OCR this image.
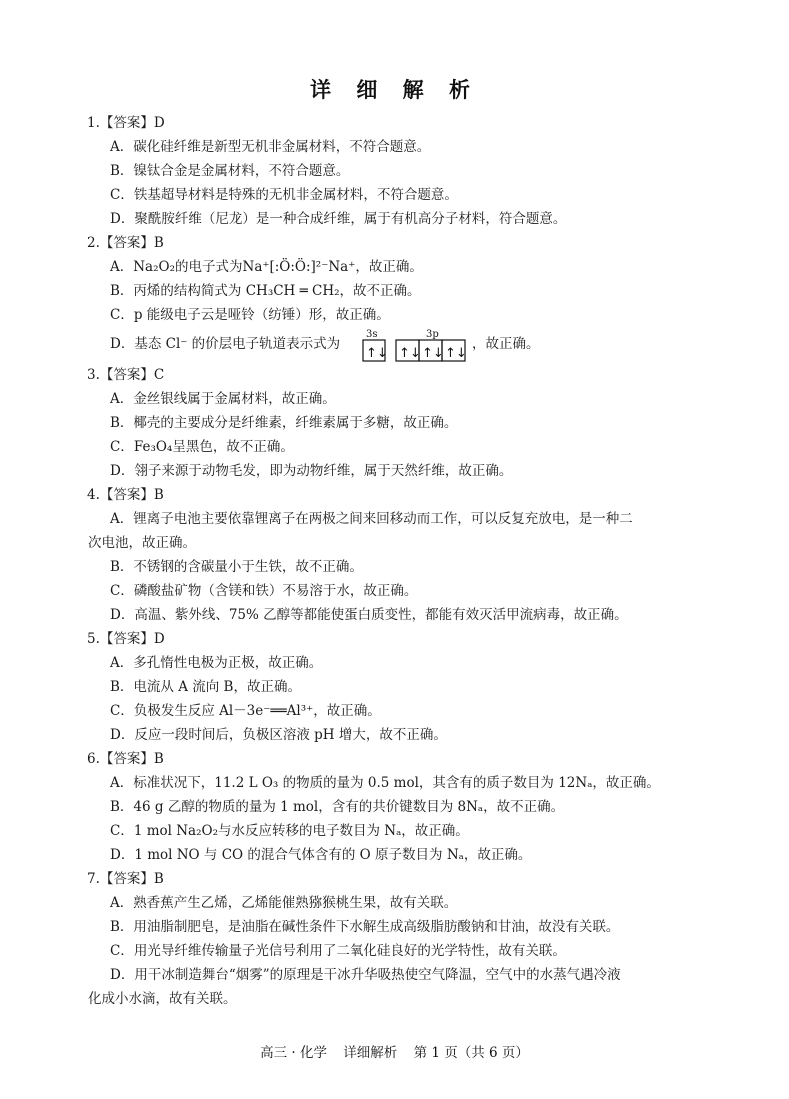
详 细 解 析
1.【答案】D
A．碳化硅纤维是新型无机非金属材料，不符合题意。
B．镍钛合金是金属材料，不符合题意。
C．铁基超导材料是特殊的无机非金属材料，不符合题意。
D．聚酰胺纤维（尼龙）是一种合成纤维，属于有机高分子材料，符合题意。
2.【答案】B
A．Na₂O₂的电子式为Na⁺[:Ö:Ö:]²⁻Na⁺，故正确。
B．丙烯的结构简式为 CH₃CH ═ CH₂，故不正确。
C．p 能级电子云是哑铃（纺锤）形，故正确。
D．基态 Cl⁻ 的价层电子轨道表示式为
3s	3p
↑↓ ↑↓ ↑↓ ↑↓
，故正确。
3.【答案】C
A．金丝银线属于金属材料，故正确。
B．椰壳的主要成分是纤维素，纤维素属于多糖，故正确。
C．Fe₃O₄呈黑色，故不正确。
D．翎子来源于动物毛发，即为动物纤维，属于天然纤维，故正确。
4.【答案】B
A．锂离子电池主要依靠锂离子在两极之间来回移动而工作，可以反复充放电，是一种二
次电池，故正确。
B．不锈钢的含碳量小于生铁，故不正确。
C．磷酸盐矿物（含镁和铁）不易溶于水，故正确。
D．高温、紫外线、75% 乙醇等都能使蛋白质变性，都能有效灭活甲流病毒，故正确。
5.【答案】D
A．多孔惰性电极为正极，故正确。
B．电流从 A 流向 B，故正确。
C．负极发生反应 Al－3e⁻══Al³⁺，故正确。
D．反应一段时间后，负极区溶液 pH 增大，故不正确。
6.【答案】B
A．标准状况下，11.2 L O₃ 的物质的量为 0.5 mol，其含有的质子数目为 12Nₐ，故正确。
B．46 g 乙醇的物质的量为 1 mol，含有的共价键数目为 8Nₐ，故不正确。
C．1 mol Na₂O₂与水反应转移的电子数目为 Nₐ，故正确。
D．1 mol NO 与 CO 的混合气体含有的 O 原子数目为 Nₐ，故正确。
7.【答案】B
A．熟香蕉产生乙烯，乙烯能催熟猕猴桃生果，故有关联。
B．用油脂制肥皂，是油脂在碱性条件下水解生成高级脂肪酸钠和甘油，故没有关联。
C．用光导纤维传输量子光信号利用了二氧化硅良好的光学特性，故有关联。
D．用干冰制造舞台“烟雾”的原理是干冰升华吸热使空气降温，空气中的水蒸气遇冷液
化成小水滴，故有关联。
高三 · 化学 详细解析 第 1 页（共 6 页）
